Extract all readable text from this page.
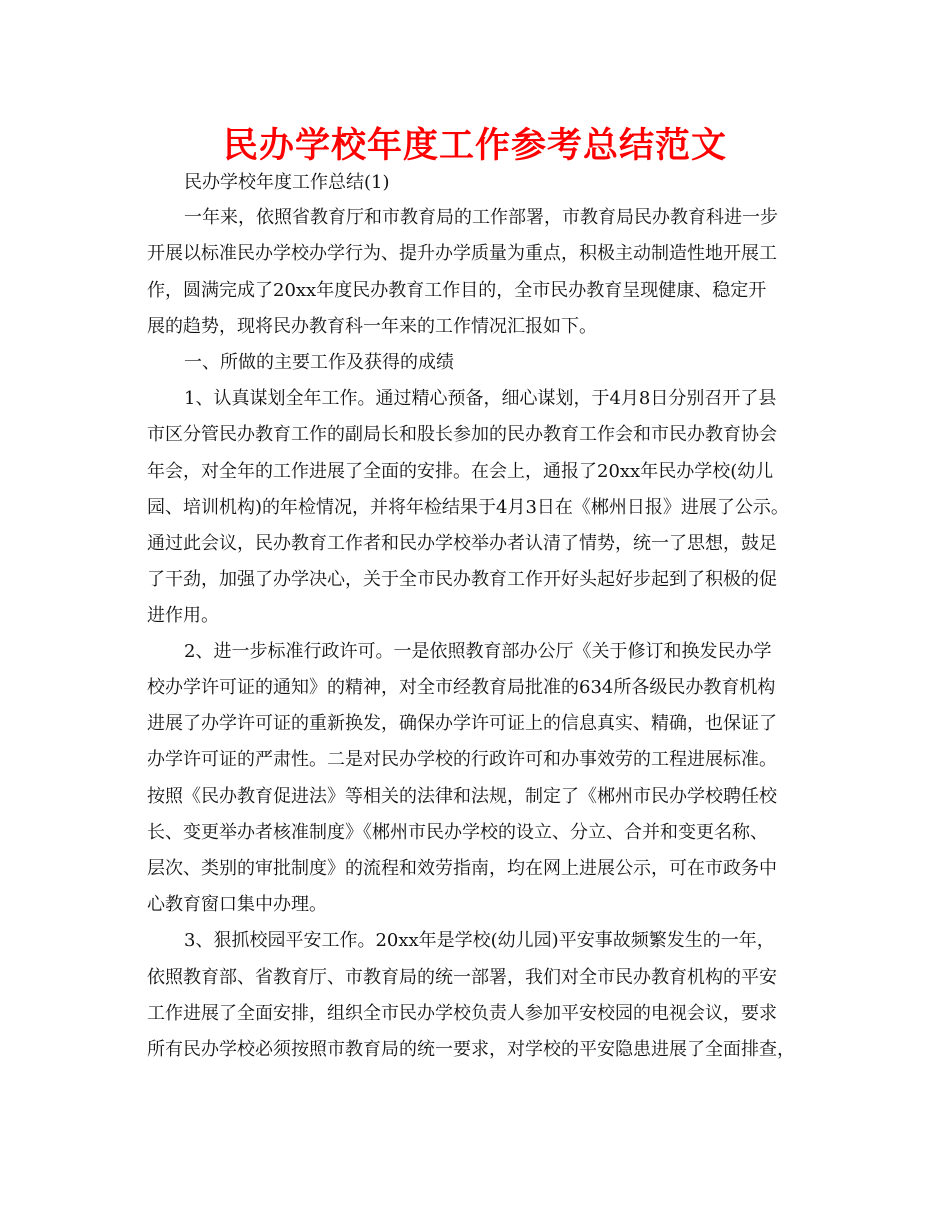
民办学校年度工作参考总结范文
民办学校年度工作总结(1)
一年来，依照省教育厅和市教育局的工作部署，市教育局民办教育科进一步
开展以标准民办学校办学行为、提升办学质量为重点，积极主动制造性地开展工
作，圆满完成了20xx年度民办教育工作目的，全市民办教育呈现健康、稳定开
展的趋势，现将民办教育科一年来的工作情况汇报如下。
一、所做的主要工作及获得的成绩
1、认真谋划全年工作。通过精心预备，细心谋划，于4月8日分别召开了县
市区分管民办教育工作的副局长和股长参加的民办教育工作会和市民办教育协会
年会，对全年的工作进展了全面的安排。在会上，通报了20xx年民办学校(幼儿
园、培训机构)的年检情况，并将年检结果于4月3日在《郴州日报》进展了公示。
通过此会议，民办教育工作者和民办学校举办者认清了情势，统一了思想，鼓足
了干劲，加强了办学决心，关于全市民办教育工作开好头起好步起到了积极的促
进作用。
2、进一步标准行政许可。一是依照教育部办公厅《关于修订和换发民办学
校办学许可证的通知》的精神，对全市经教育局批准的634所各级民办教育机构
进展了办学许可证的重新换发，确保办学许可证上的信息真实、精确，也保证了
办学许可证的严肃性。二是对民办学校的行政许可和办事效劳的工程进展标准。
按照《民办教育促进法》等相关的法律和法规，制定了《郴州市民办学校聘任校
长、变更举办者核准制度》《郴州市民办学校的设立、分立、合并和变更名称、
层次、类别的审批制度》的流程和效劳指南，均在网上进展公示，可在市政务中
心教育窗口集中办理。
3、狠抓校园平安工作。20xx年是学校(幼儿园)平安事故频繁发生的一年，
依照教育部、省教育厅、市教育局的统一部署，我们对全市民办教育机构的平安
工作进展了全面安排，组织全市民办学校负责人参加平安校园的电视会议，要求
所有民办学校必须按照市教育局的统一要求，对学校的平安隐患进展了全面排查，
